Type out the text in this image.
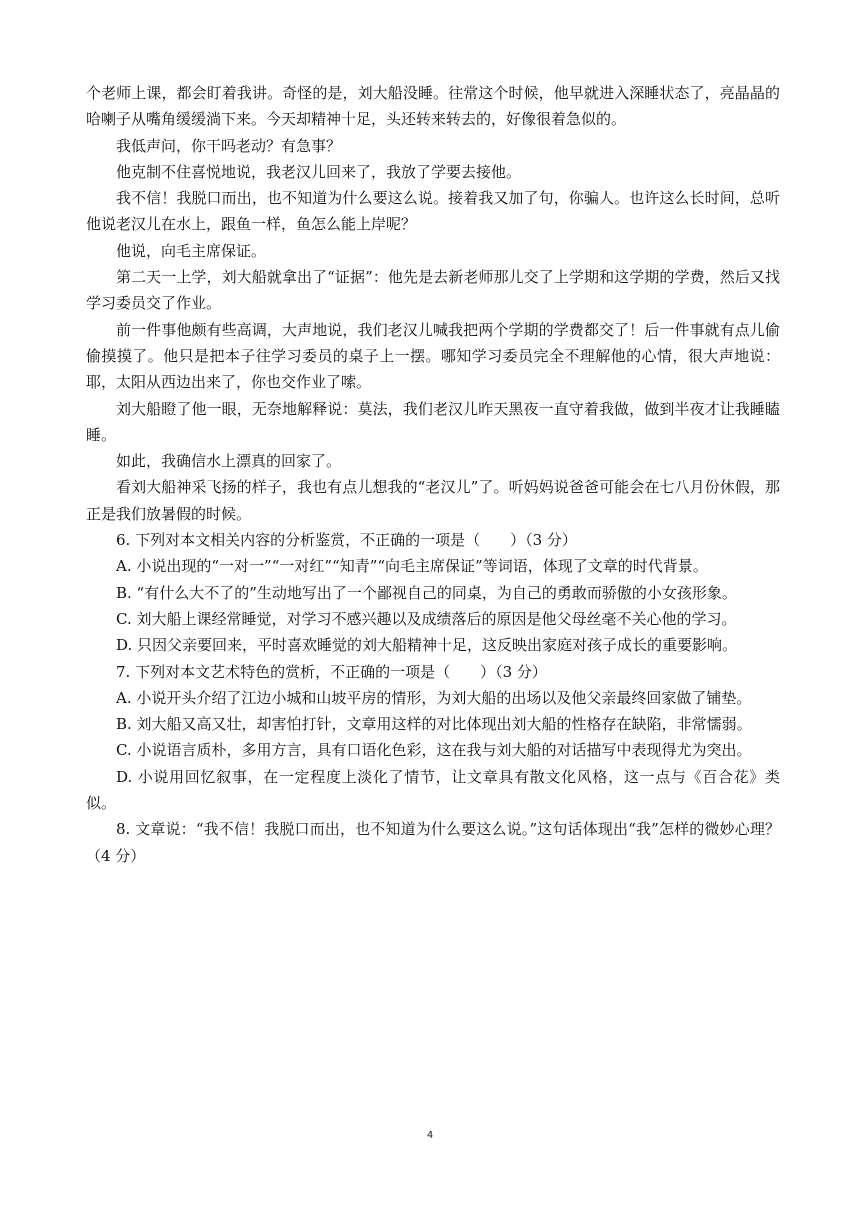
个老师上课，都会盯着我讲。奇怪的是，刘大船没睡。往常这个时候，他早就进入深睡状态了，亮晶晶的哈喇子从嘴角缓缓淌下来。今天却精神十足，头还转来转去的，好像很着急似的。

我低声问，你干吗老动？有急事？

他克制不住喜悦地说，我老汉儿回来了，我放了学要去接他。

我不信！我脱口而出，也不知道为什么要这么说。接着我又加了句，你骗人。也许这么长时间，总听他说老汉儿在水上，跟鱼一样，鱼怎么能上岸呢？

他说，向毛主席保证。

第二天一上学，刘大船就拿出了“证据”：他先是去新老师那儿交了上学期和这学期的学费，然后又找学习委员交了作业。

前一件事他颇有些高调，大声地说，我们老汉儿喊我把两个学期的学费都交了！后一件事就有点儿偷偷摸摸了。他只是把本子往学习委员的桌子上一摆。哪知学习委员完全不理解他的心情，很大声地说：耶，太阳从西边出来了，你也交作业了嗦。

刘大船瞪了他一眼，无奈地解释说：莫法，我们老汉儿昨天黑夜一直守着我做，做到半夜才让我睡瞌睡。

如此，我确信水上漂真的回家了。

看刘大船神采飞扬的样子，我也有点儿想我的“老汉儿”了。听妈妈说爸爸可能会在七八月份休假，那正是我们放暑假的时候。

6. 下列对本文相关内容的分析鉴赏，不正确的一项是（　　）（3 分）

A. 小说出现的“一对一”“一对红”“知青”“向毛主席保证”等词语，体现了文章的时代背景。

B. “有什么大不了的”生动地写出了一个鄙视自己的同桌，为自己的勇敢而骄傲的小女孩形象。

C. 刘大船上课经常睡觉，对学习不感兴趣以及成绩落后的原因是他父母丝毫不关心他的学习。

D. 只因父亲要回来，平时喜欢睡觉的刘大船精神十足，这反映出家庭对孩子成长的重要影响。

7. 下列对本文艺术特色的赏析，不正确的一项是（　　）（3 分）

A. 小说开头介绍了江边小城和山坡平房的情形，为刘大船的出场以及他父亲最终回家做了铺垫。

B. 刘大船又高又壮，却害怕打针，文章用这样的对比体现出刘大船的性格存在缺陷，非常懦弱。

C. 小说语言质朴，多用方言，具有口语化色彩，这在我与刘大船的对话描写中表现得尤为突出。

D. 小说用回忆叙事，在一定程度上淡化了情节，让文章具有散文化风格，这一点与《百合花》类似。

8. 文章说：“我不信！我脱口而出，也不知道为什么要这么说。”这句话体现出“我”怎样的微妙心理？（4 分）

4
